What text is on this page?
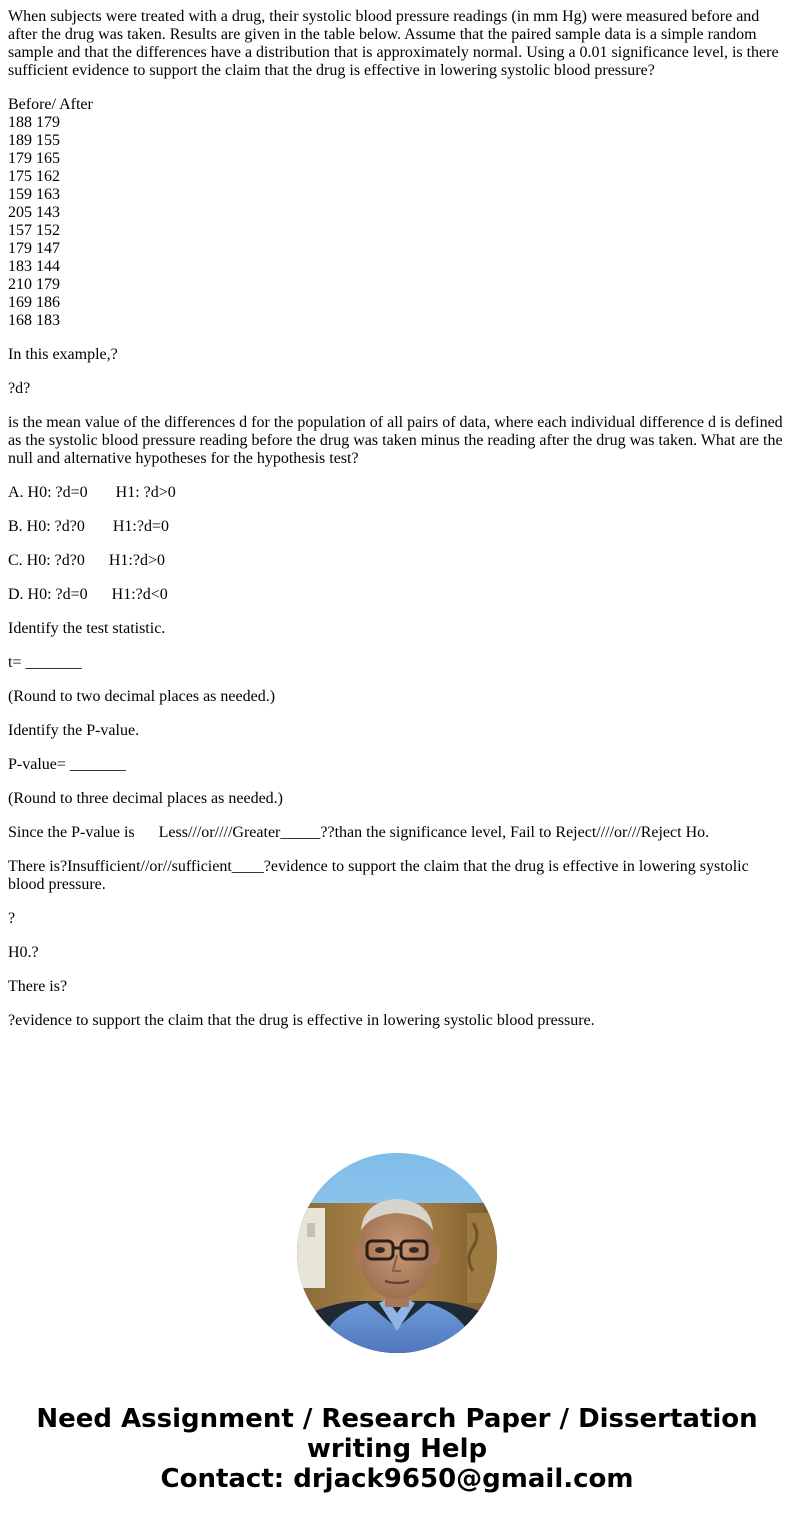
When subjects were treated with a drug, their systolic blood pressure readings (in mm Hg) were measured before and after the drug was taken. Results are given in the table below. Assume that the paired sample data is a simple random sample and that the differences have a distribution that is approximately normal. Using a 0.01 significance level, is there sufficient evidence to support the claim that the drug is effective in lowering systolic blood pressure?

Before/ After
188 179
189 155
179 165
175 162
159 163
205 143
157 152
179 147
183 144
210 179
169 186
168 183

In this example,?

?d?

is the mean value of the differences d for the population of all pairs of data, where each individual difference d is defined as the systolic blood pressure reading before the drug was taken minus the reading after the drug was taken. What are the null and alternative hypotheses for the hypothesis test?

A. H0: ?d=0       H1: ?d>0

B. H0: ?d?0       H1:?d=0

C. H0: ?d?0      H1:?d>0

D. H0: ?d=0      H1:?d<0

Identify the test statistic.

t= _______

(Round to two decimal places as needed.)

Identify the P-value.

P-value= _______

(Round to three decimal places as needed.)

Since the P-value is      Less///or////Greater_____??than the significance level, Fail to Reject////or///Reject Ho.

There is?Insufficient//or//sufficient____?evidence to support the claim that the drug is effective in lowering systolic blood pressure.

?

H0.?

There is?

?evidence to support the claim that the drug is effective in lowering systolic blood pressure.

Need Assignment / Research Paper / Dissertation
writing Help
Contact: drjack9650@gmail.com
